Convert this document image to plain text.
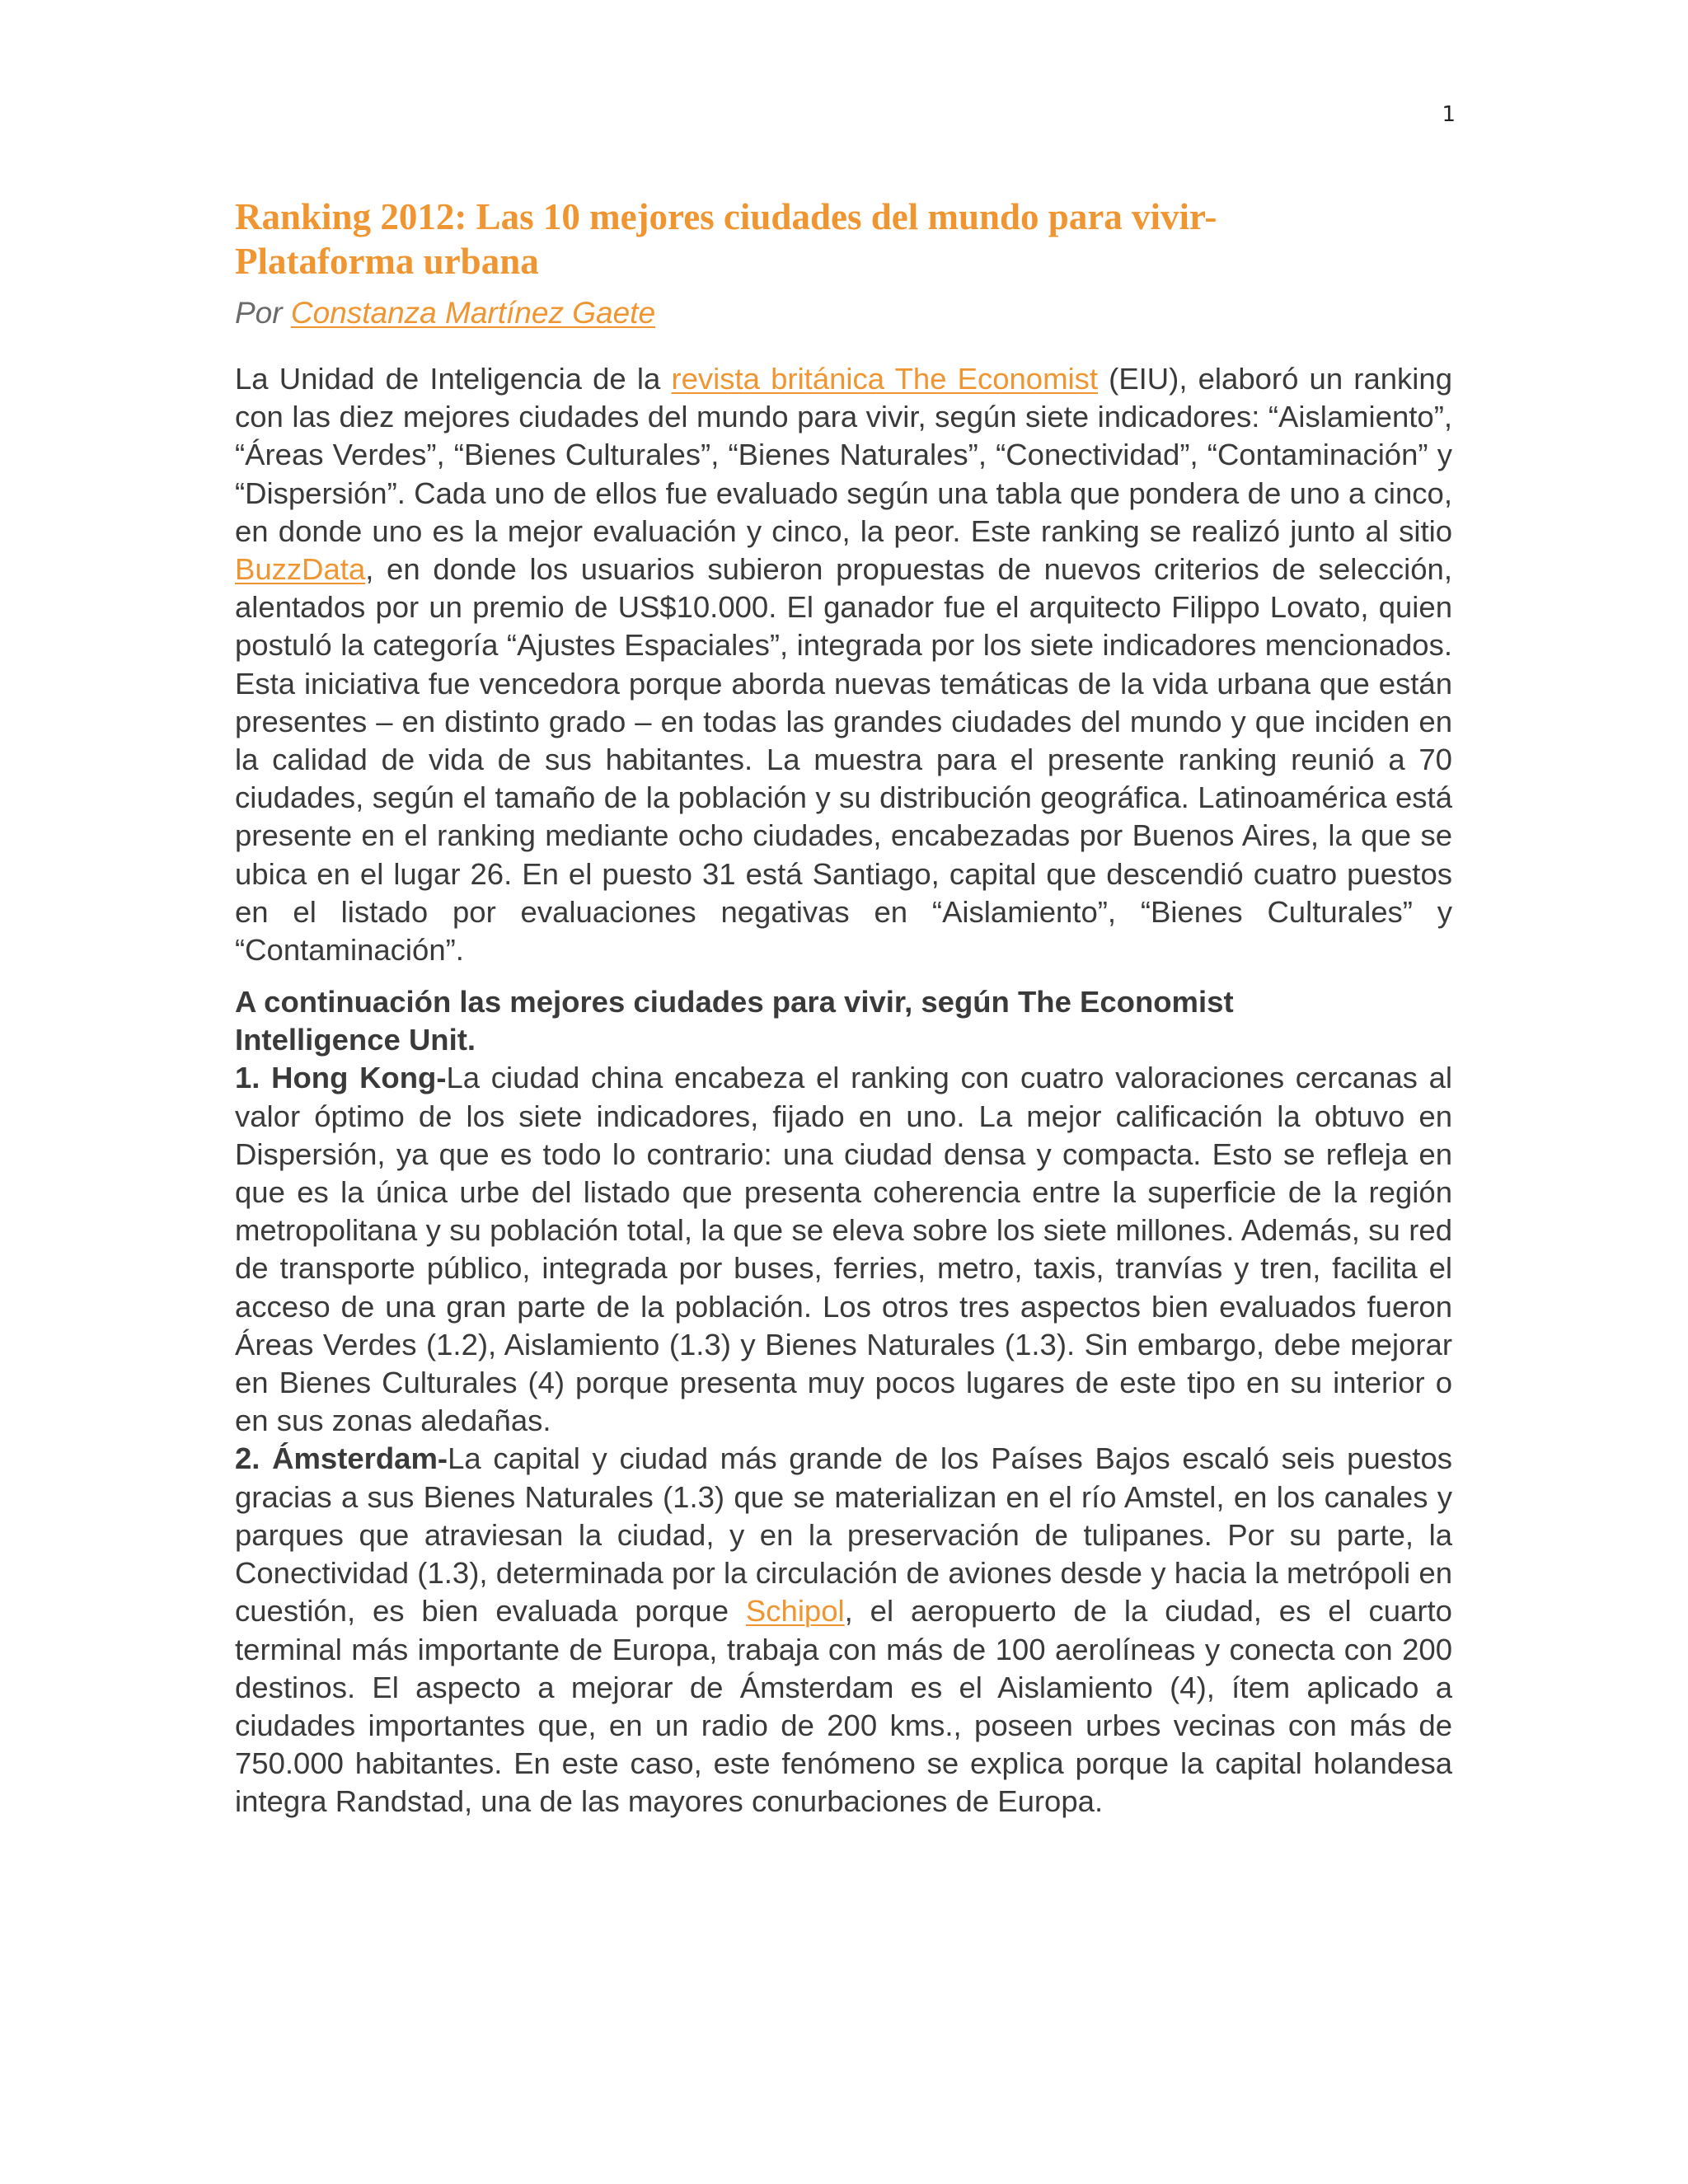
1
Ranking 2012: Las 10 mejores ciudades del mundo para vivir- Plataforma urbana
Por Constanza Martínez Gaete

La Unidad de Inteligencia de la revista británica The Economist (EIU), elaboró un ranking con las diez mejores ciudades del mundo para vivir, según siete indicadores: “Aislamiento”, “Áreas Verdes”, “Bienes Culturales”, “Bienes Naturales”, “Conectividad”, “Contaminación” y “Dispersión”. Cada uno de ellos fue evaluado según una tabla que pondera de uno a cinco, en donde uno es la mejor evaluación y cinco, la peor. Este ranking se realizó junto al sitio BuzzData, en donde los usuarios subieron propuestas de nuevos criterios de selección, alentados por un premio de US$10.000. El ganador fue el arquitecto Filippo Lovato, quien postuló la categoría “Ajustes Espaciales”, integrada por los siete indicadores mencionados. Esta iniciativa fue vencedora porque aborda nuevas temáticas de la vida urbana que están presentes – en distinto grado – en todas las grandes ciudades del mundo y que inciden en la calidad de vida de sus habitantes. La muestra para el presente ranking reunió a 70 ciudades, según el tamaño de la población y su distribución geográfica. Latinoamérica está presente en el ranking mediante ocho ciudades, encabezadas por Buenos Aires, la que se ubica en el lugar 26. En el puesto 31 está Santiago, capital que descendió cuatro puestos en el listado por evaluaciones negativas en “Aislamiento”, “Bienes Culturales” y “Contaminación”.

A continuación las mejores ciudades para vivir, según The Economist

Intelligence Unit.

1. Hong Kong-La ciudad china encabeza el ranking con cuatro valoraciones cercanas al valor óptimo de los siete indicadores, fijado en uno. La mejor calificación la obtuvo en Dispersión, ya que es todo lo contrario: una ciudad densa y compacta. Esto se refleja en que es la única urbe del listado que presenta coherencia entre la superficie de la región metropolitana y su población total, la que se eleva sobre los siete millones. Además, su red de transporte público, integrada por buses, ferries, metro, taxis, tranvías y tren, facilita el acceso de una gran parte de la población. Los otros tres aspectos bien evaluados fueron Áreas Verdes (1.2), Aislamiento (1.3) y Bienes Naturales (1.3). Sin embargo, debe mejorar en Bienes Culturales (4) porque presenta muy pocos lugares de este tipo en su interior o en sus zonas aledañas.

2. Ámsterdam-La capital y ciudad más grande de los Países Bajos escaló seis puestos gracias a sus Bienes Naturales (1.3) que se materializan en el río Amstel, en los canales y parques que atraviesan la ciudad, y en la preservación de tulipanes. Por su parte, la Conectividad (1.3), determinada por la circulación de aviones desde y hacia la metrópoli en cuestión, es bien evaluada porque Schipol, el aeropuerto de la ciudad, es el cuarto terminal más importante de Europa, trabaja con más de 100 aerolíneas y conecta con 200 destinos. El aspecto a mejorar de Ámsterdam es el Aislamiento (4), ítem aplicado a ciudades importantes que, en un radio de 200 kms., poseen urbes vecinas con más de 750.000 habitantes. En este caso, este fenómeno se explica porque la capital holandesa integra Randstad, una de las mayores conurbaciones de Europa.
